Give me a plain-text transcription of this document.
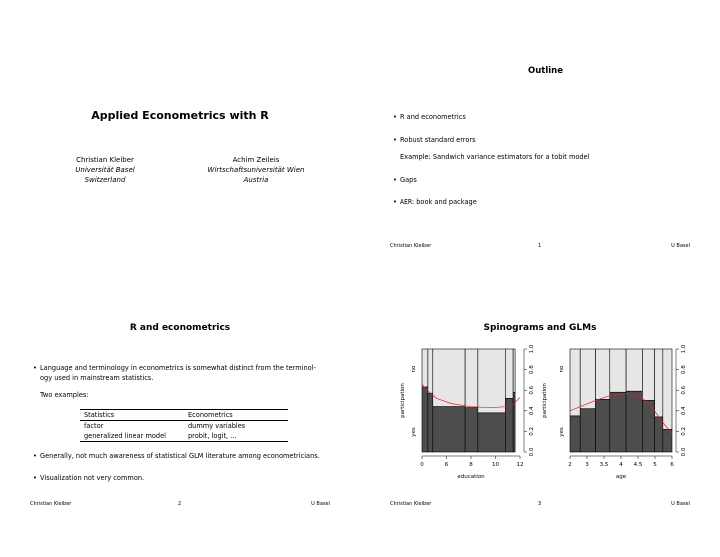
Applied Econometrics with R
Christian Kleiber
Universität Basel
Switzerland
Achim Zeileis
Wirtschaftsuniversität Wien
Austria
Outline
• R and econometrics
• Robust standard errors
Example: Sandwich variance estimators for a tobit model
• Gaps
• AER: book and package
Christian Kleiber	1	U Basel
R and econometrics
• Language and terminology in econometrics is somewhat distinct from the terminol-
ogy used in mainstream statistics.
Two examples:
Statistics	Econometrics
factor	dummy variables
generalized linear model	probit, logit, ...
• Generally, not much awareness of statistical GLM literature among econometricians.
• Visualization not very common.
Christian Kleiber	2	U Basel
Spinograms and GLMs
no
yes
participation
0.0
0.2
0.4
0.6
0.8
1.0
0	6	8	10	12
education
no
yes
participation
0.0
0.2
0.4
0.6
0.8
1.0
2 3 3.5 4 4.5 5 6
age
Christian Kleiber	3	U Basel
